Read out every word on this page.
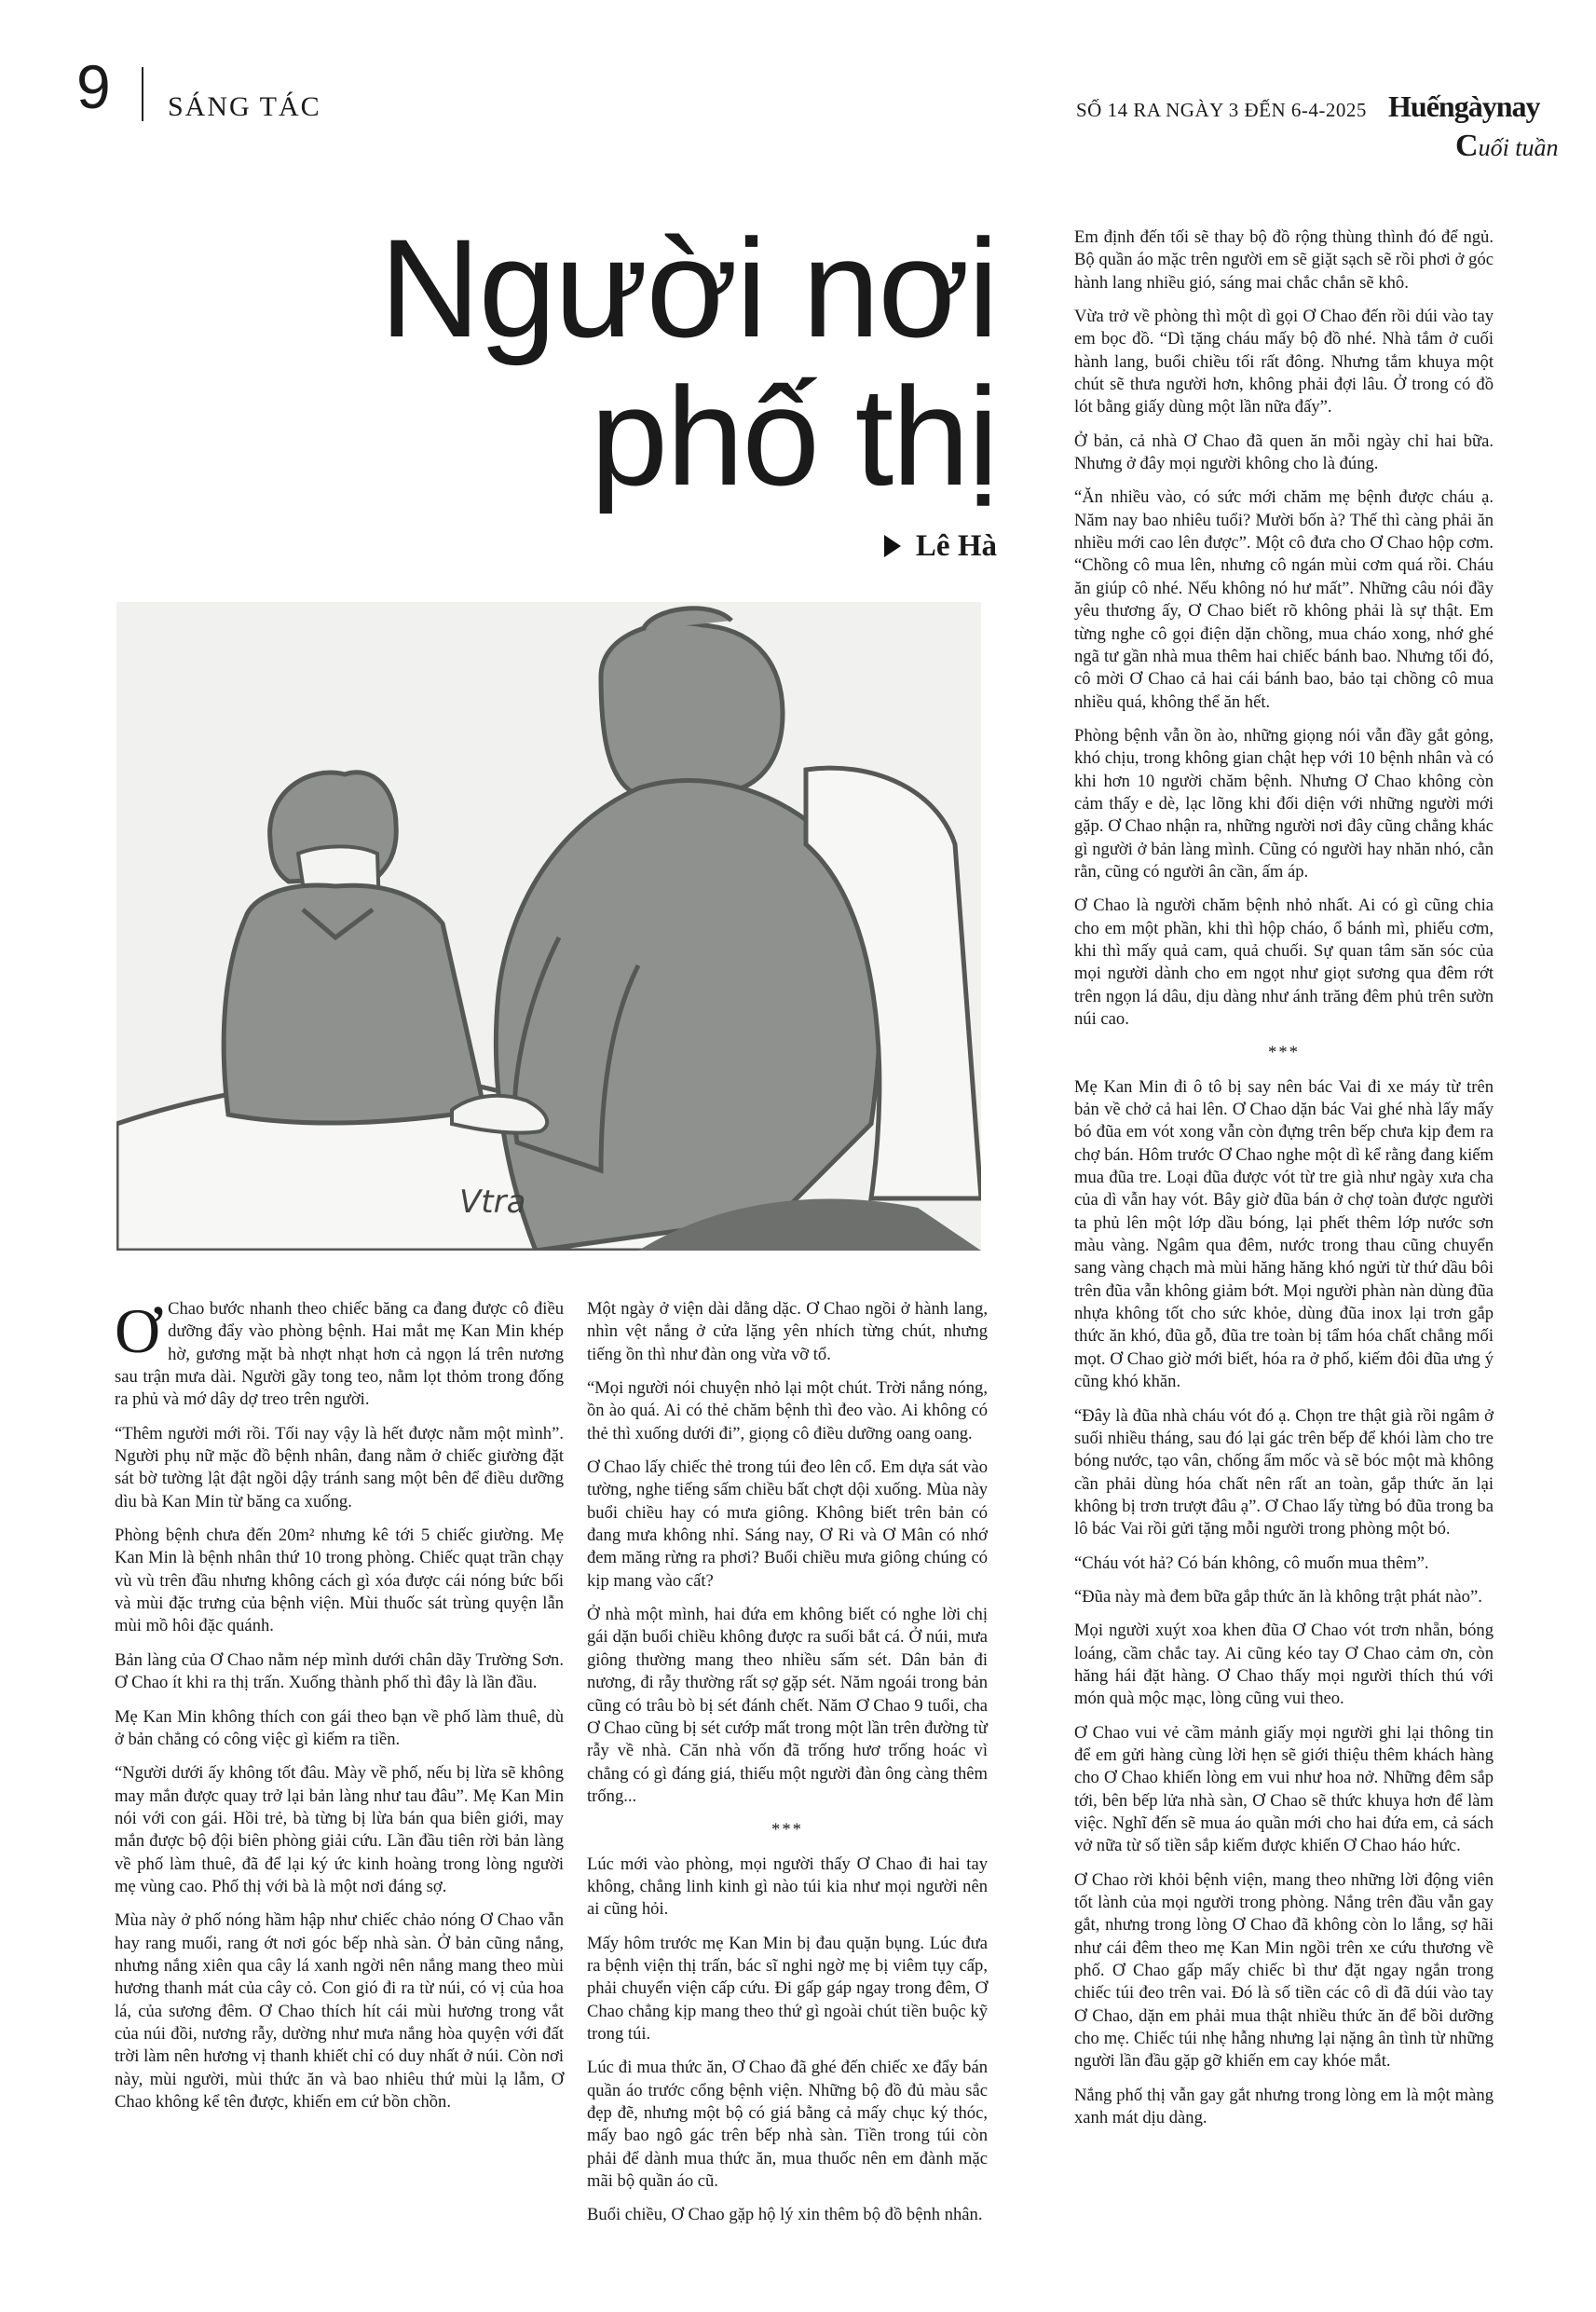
9 SÁNG TÁC	SỐ 14 RA NGÀY 3 ĐẾN 6-4-2025 Huếngàynay
Cuối tuần
Người nơi
phố thị
Lê Hà
Vtra

Ơ Chao bước nhanh theo chiếc băng ca đang được cô điều dưỡng đẩy vào phòng bệnh. Hai mắt mẹ Kan Min khép hờ, gương mặt bà nhợt nhạt hơn cả ngọn lá trên nương sau trận mưa dài. Người gầy tong teo, nằm lọt thỏm trong đống ra phủ và mớ dây dợ treo trên người.

“Thêm người mới rồi. Tối nay vậy là hết được nằm một mình”. Người phụ nữ mặc đồ bệnh nhân, đang nằm ở chiếc giường đặt sát bờ tường lật đật ngồi dậy tránh sang một bên để điều dưỡng dìu bà Kan Min từ băng ca xuống.

Phòng bệnh chưa đến 20m² nhưng kê tới 5 chiếc giường. Mẹ Kan Min là bệnh nhân thứ 10 trong phòng. Chiếc quạt trần chạy vù vù trên đầu nhưng không cách gì xóa được cái nóng bức bối và mùi đặc trưng của bệnh viện. Mùi thuốc sát trùng quyện lẫn mùi mồ hôi đặc quánh.

Bản làng của Ơ Chao nằm nép mình dưới chân dãy Trường Sơn. Ơ Chao ít khi ra thị trấn. Xuống thành phố thì đây là lần đầu.

Mẹ Kan Min không thích con gái theo bạn về phố làm thuê, dù ở bản chẳng có công việc gì kiếm ra tiền.

“Người dưới ấy không tốt đâu. Mày về phố, nếu bị lừa sẽ không may mắn được quay trở lại bản làng như tau đâu”. Mẹ Kan Min nói với con gái. Hồi trẻ, bà từng bị lừa bán qua biên giới, may mắn được bộ đội biên phòng giải cứu. Lần đầu tiên rời bản làng về phố làm thuê, đã để lại ký ức kinh hoàng trong lòng người mẹ vùng cao. Phố thị với bà là một nơi đáng sợ.

Mùa này ở phố nóng hầm hập như chiếc chảo nóng Ơ Chao vẫn hay rang muối, rang ớt nơi góc bếp nhà sàn. Ở bản cũng nắng, nhưng nắng xiên qua cây lá xanh ngời nên nắng mang theo mùi hương thanh mát của cây cỏ. Con gió đi ra từ núi, có vị của hoa lá, của sương đêm. Ơ Chao thích hít cái mùi hương trong vắt của núi đồi, nương rẫy, dường như mưa nắng hòa quyện với đất trời làm nên hương vị thanh khiết chỉ có duy nhất ở núi. Còn nơi này, mùi người, mùi thức ăn và bao nhiêu thứ mùi lạ lẫm, Ơ Chao không kể tên được, khiến em cứ bồn chồn.

Một ngày ở viện dài dằng dặc. Ơ Chao ngồi ở hành lang, nhìn vệt nắng ở cửa lặng yên nhích từng chút, nhưng tiếng ồn thì như đàn ong vừa vỡ tổ.

“Mọi người nói chuyện nhỏ lại một chút. Trời nắng nóng, ồn ào quá. Ai có thẻ chăm bệnh thì đeo vào. Ai không có thẻ thì xuống dưới đi”, giọng cô điều dưỡng oang oang.

Ơ Chao lấy chiếc thẻ trong túi đeo lên cổ. Em dựa sát vào tường, nghe tiếng sấm chiều bất chợt dội xuống. Mùa này buổi chiều hay có mưa giông. Không biết trên bản có đang mưa không nhỉ. Sáng nay, Ơ Ri và Ơ Mân có nhớ đem măng rừng ra phơi? Buổi chiều mưa giông chúng có kịp mang vào cất?

Ở nhà một mình, hai đứa em không biết có nghe lời chị gái dặn buổi chiều không được ra suối bắt cá. Ở núi, mưa giông thường mang theo nhiều sấm sét. Dân bản đi nương, đi rẫy thường rất sợ gặp sét. Năm ngoái trong bản cũng có trâu bò bị sét đánh chết. Năm Ơ Chao 9 tuổi, cha Ơ Chao cũng bị sét cướp mất trong một lần trên đường từ rẫy về nhà. Căn nhà vốn đã trống hươ trống hoác vì chẳng có gì đáng giá, thiếu một người đàn ông càng thêm trống...

***

Lúc mới vào phòng, mọi người thấy Ơ Chao đi hai tay không, chẳng linh kinh gì nào túi kia như mọi người nên ai cũng hỏi.

Mấy hôm trước mẹ Kan Min bị đau quặn bụng. Lúc đưa ra bệnh viện thị trấn, bác sĩ nghi ngờ mẹ bị viêm tụy cấp, phải chuyển viện cấp cứu. Đi gấp gáp ngay trong đêm, Ơ Chao chẳng kịp mang theo thứ gì ngoài chút tiền buộc kỹ trong túi.

Lúc đi mua thức ăn, Ơ Chao đã ghé đến chiếc xe đẩy bán quần áo trước cổng bệnh viện. Những bộ đồ đủ màu sắc đẹp đẽ, nhưng một bộ có giá bằng cả mấy chục ký thóc, mấy bao ngô gác trên bếp nhà sàn. Tiền trong túi còn phải để dành mua thức ăn, mua thuốc nên em đành mặc mãi bộ quần áo cũ.

Buổi chiều, Ơ Chao gặp hộ lý xin thêm bộ đồ bệnh nhân.

Em định đến tối sẽ thay bộ đồ rộng thùng thình đó để ngủ. Bộ quần áo mặc trên người em sẽ giặt sạch sẽ rồi phơi ở góc hành lang nhiều gió, sáng mai chắc chắn sẽ khô.

Vừa trở về phòng thì một dì gọi Ơ Chao đến rồi dúi vào tay em bọc đồ. “Dì tặng cháu mấy bộ đồ nhé. Nhà tắm ở cuối hành lang, buổi chiều tối rất đông. Nhưng tắm khuya một chút sẽ thưa người hơn, không phải đợi lâu. Ở trong có đồ lót bằng giấy dùng một lần nữa đấy”.

Ở bản, cả nhà Ơ Chao đã quen ăn mỗi ngày chỉ hai bữa. Nhưng ở đây mọi người không cho là đúng.

“Ăn nhiều vào, có sức mới chăm mẹ bệnh được cháu ạ. Năm nay bao nhiêu tuổi? Mười bốn à? Thế thì càng phải ăn nhiều mới cao lên được”. Một cô đưa cho Ơ Chao hộp cơm. “Chồng cô mua lên, nhưng cô ngán mùi cơm quá rồi. Cháu ăn giúp cô nhé. Nếu không nó hư mất”. Những câu nói đầy yêu thương ấy, Ơ Chao biết rõ không phải là sự thật. Em từng nghe cô gọi điện dặn chồng, mua cháo xong, nhớ ghé ngã tư gần nhà mua thêm hai chiếc bánh bao. Nhưng tối đó, cô mời Ơ Chao cả hai cái bánh bao, bảo tại chồng cô mua nhiều quá, không thể ăn hết.

Phòng bệnh vẫn ồn ào, những giọng nói vẫn đầy gắt gỏng, khó chịu, trong không gian chật hẹp với 10 bệnh nhân và có khi hơn 10 người chăm bệnh. Nhưng Ơ Chao không còn cảm thấy e dè, lạc lõng khi đối diện với những người mới gặp. Ơ Chao nhận ra, những người nơi đây cũng chẳng khác gì người ở bản làng mình. Cũng có người hay nhăn nhó, cằn rằn, cũng có người ân cần, ấm áp.

Ơ Chao là người chăm bệnh nhỏ nhất. Ai có gì cũng chia cho em một phần, khi thì hộp cháo, ổ bánh mì, phiếu cơm, khi thì mấy quả cam, quả chuối. Sự quan tâm săn sóc của mọi người dành cho em ngọt như giọt sương qua đêm rớt trên ngọn lá dâu, dịu dàng như ánh trăng đêm phủ trên sườn núi cao.

***

Mẹ Kan Min đi ô tô bị say nên bác Vai đi xe máy từ trên bản về chở cả hai lên. Ơ Chao dặn bác Vai ghé nhà lấy mấy bó đũa em vót xong vẫn còn đựng trên bếp chưa kịp đem ra chợ bán. Hôm trước Ơ Chao nghe một dì kể rằng đang kiếm mua đũa tre. Loại đũa được vót từ tre già như ngày xưa cha của dì vẫn hay vót. Bây giờ đũa bán ở chợ toàn được người ta phủ lên một lớp dầu bóng, lại phết thêm lớp nước sơn màu vàng. Ngâm qua đêm, nước trong thau cũng chuyển sang vàng chạch mà mùi hăng hăng khó ngửi từ thứ dầu bôi trên đũa vẫn không giảm bớt. Mọi người phàn nàn dùng đũa nhựa không tốt cho sức khỏe, dùng đũa inox lại trơn gắp thức ăn khó, đũa gỗ, đũa tre toàn bị tẩm hóa chất chẳng mối mọt. Ơ Chao giờ mới biết, hóa ra ở phố, kiếm đôi đũa ưng ý cũng khó khăn.

“Đây là đũa nhà cháu vót đó ạ. Chọn tre thật già rồi ngâm ở suối nhiều tháng, sau đó lại gác trên bếp để khói làm cho tre bóng nước, tạo vân, chống ẩm mốc và sẽ bóc một mà không cần phải dùng hóa chất nên rất an toàn, gắp thức ăn lại không bị trơn trượt đâu ạ”. Ơ Chao lấy từng bó đũa trong ba lô bác Vai rồi gửi tặng mỗi người trong phòng một bó.

“Cháu vót hả? Có bán không, cô muốn mua thêm”.

“Đũa này mà đem bữa gắp thức ăn là không trật phát nào”.

Mọi người xuýt xoa khen đũa Ơ Chao vót trơn nhẵn, bóng loáng, cầm chắc tay. Ai cũng kéo tay Ơ Chao cảm ơn, còn hăng hái đặt hàng. Ơ Chao thấy mọi người thích thú với món quà mộc mạc, lòng cũng vui theo.

Ơ Chao vui vẻ cầm mảnh giấy mọi người ghi lại thông tin để em gửi hàng cùng lời hẹn sẽ giới thiệu thêm khách hàng cho Ơ Chao khiến lòng em vui như hoa nở. Những đêm sắp tới, bên bếp lửa nhà sàn, Ơ Chao sẽ thức khuya hơn để làm việc. Nghĩ đến sẽ mua áo quần mới cho hai đứa em, cả sách vở nữa từ số tiền sắp kiếm được khiến Ơ Chao háo hức.

Ơ Chao rời khỏi bệnh viện, mang theo những lời động viên tốt lành của mọi người trong phòng. Nắng trên đầu vẫn gay gắt, nhưng trong lòng Ơ Chao đã không còn lo lắng, sợ hãi như cái đêm theo mẹ Kan Min ngồi trên xe cứu thương về phố. Ơ Chao gấp mấy chiếc bì thư đặt ngay ngắn trong chiếc túi đeo trên vai. Đó là số tiền các cô dì đã dúi vào tay Ơ Chao, dặn em phải mua thật nhiều thức ăn để bồi dưỡng cho mẹ. Chiếc túi nhẹ hẫng nhưng lại nặng ân tình từ những người lần đầu gặp gỡ khiến em cay khóe mắt.

Nắng phố thị vẫn gay gắt nhưng trong lòng em là một màng xanh mát dịu dàng.
